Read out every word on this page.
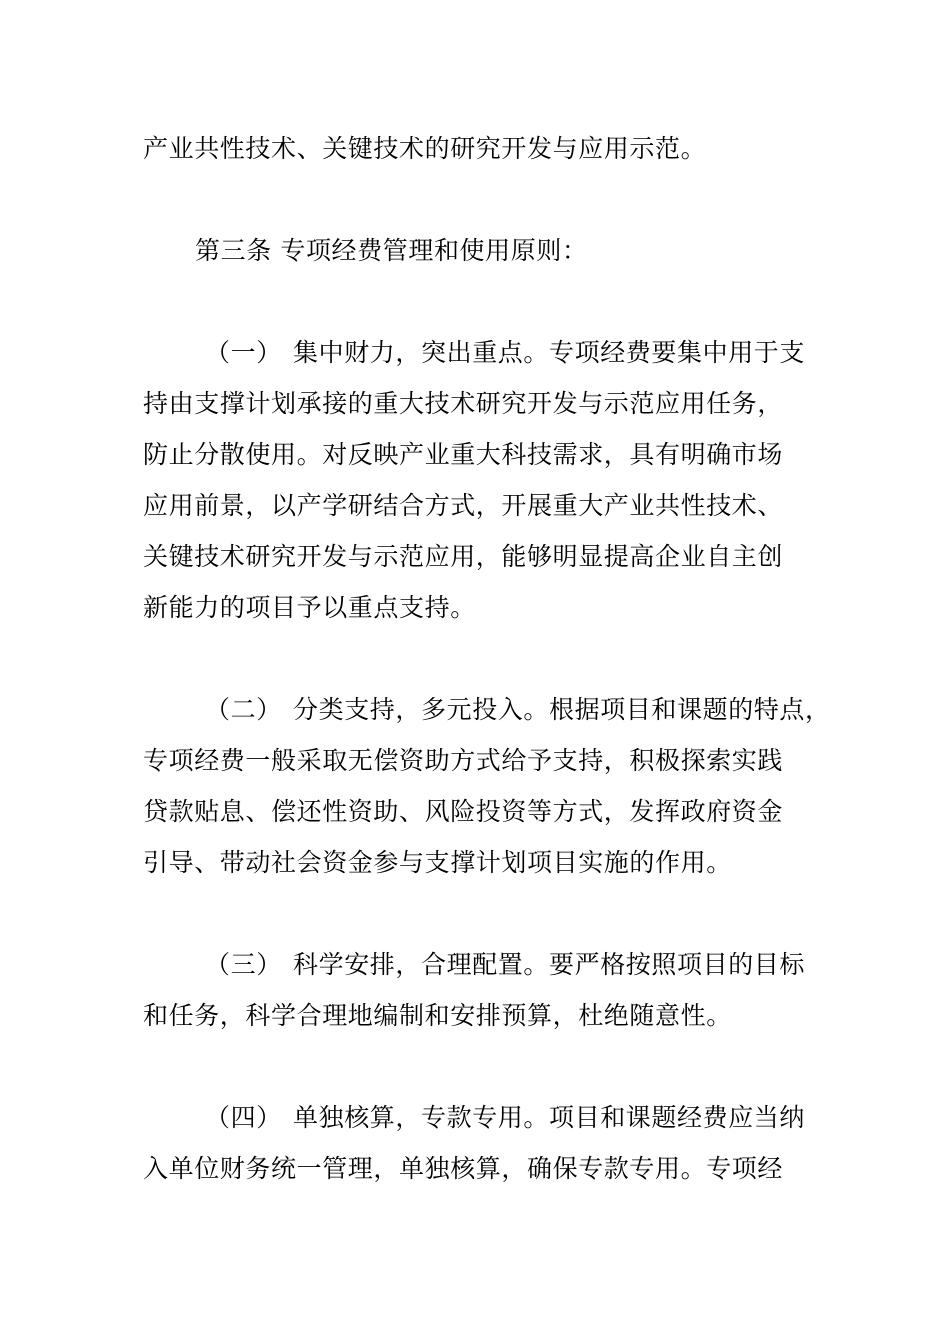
产业共性技术、关键技术的研究开发与应用示范。
第三条 专项经费管理和使用原则：
（一） 集中财力，突出重点。专项经费要集中用于支
持由支撑计划承接的重大技术研究开发与示范应用任务，
防止分散使用。对反映产业重大科技需求，具有明确市场
应用前景，以产学研结合方式，开展重大产业共性技术、
关键技术研究开发与示范应用，能够明显提高企业自主创
新能力的项目予以重点支持。
（二） 分类支持，多元投入。根据项目和课题的特点，
专项经费一般采取无偿资助方式给予支持，积极探索实践
贷款贴息、偿还性资助、风险投资等方式，发挥政府资金
引导、带动社会资金参与支撑计划项目实施的作用。
（三） 科学安排，合理配置。要严格按照项目的目标
和任务，科学合理地编制和安排预算，杜绝随意性。
（四） 单独核算，专款专用。项目和课题经费应当纳
入单位财务统一管理，单独核算，确保专款专用。专项经
